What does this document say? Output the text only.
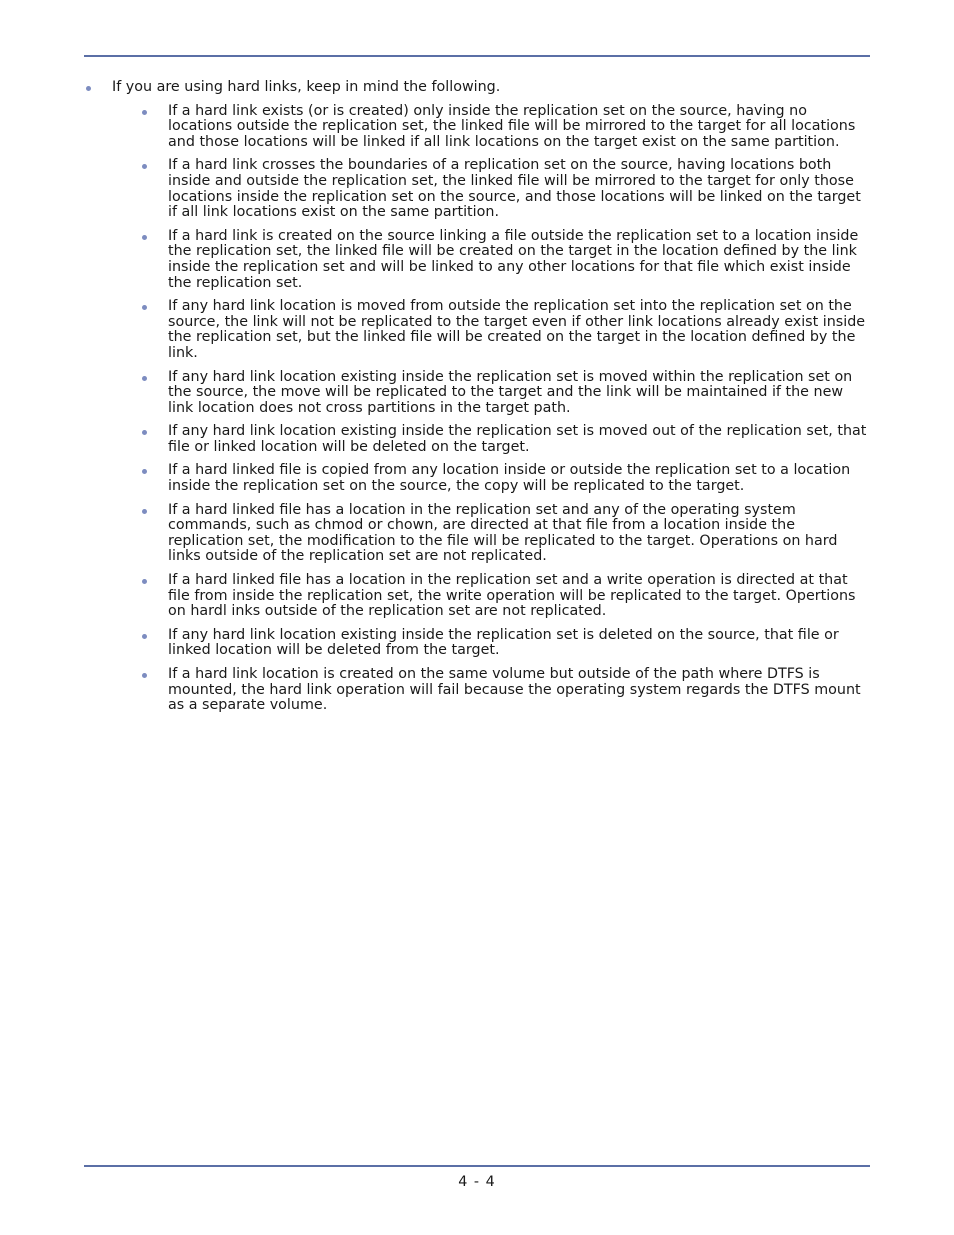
If you are using hard links, keep in mind the following.
If a hard link exists (or is created) only inside the replication set on the source, having no locations outside the replication set, the linked file will be mirrored to the target for all locations and those locations will be linked if all link locations on the target exist on the same partition.
If a hard link crosses the boundaries of a replication set on the source, having locations both inside and outside the replication set, the linked file will be mirrored to the target for only those locations inside the replication set on the source, and those locations will be linked on the target if all link locations exist on the same partition.
If a hard link is created on the source linking a file outside the replication set to a location inside the replication set, the linked file will be created on the target in the location defined by the link inside the replication set and will be linked to any other locations for that file which exist inside the replication set.
If any hard link location is moved from outside the replication set into the replication set on the source, the link will not be replicated to the target even if other link locations already exist inside the replication set, but the linked file will be created on the target in the location defined by the link.
If any hard link location existing inside the replication set is moved within the replication set on the source, the move will be replicated to the target and the link will be maintained if the new link location does not cross partitions in the target path.
If any hard link location existing inside the replication set is moved out of the replication set, that file or linked location will be deleted on the target.
If a hard linked file is copied from any location inside or outside the replication set to a location inside the replication set on the source, the copy will be replicated to the target.
If a hard linked file has a location in the replication set and any of the operating system commands, such as chmod or chown, are directed at that file from a location inside the replication set, the modification to the file will be replicated to the target. Operations on hard links outside of the replication set are not replicated.
If a hard linked file has a location in the replication set and a write operation is directed at that file from inside the replication set, the write operation will be replicated to the target. Opertions on hardl inks outside of the replication set are not replicated.
If any hard link location existing inside the replication set is deleted on the source, that file or linked location will be deleted from the target.
If a hard link location is created on the same volume but outside of the path where DTFS is mounted, the hard link operation will fail because the operating system regards the DTFS mount as a separate volume.
4 - 4
